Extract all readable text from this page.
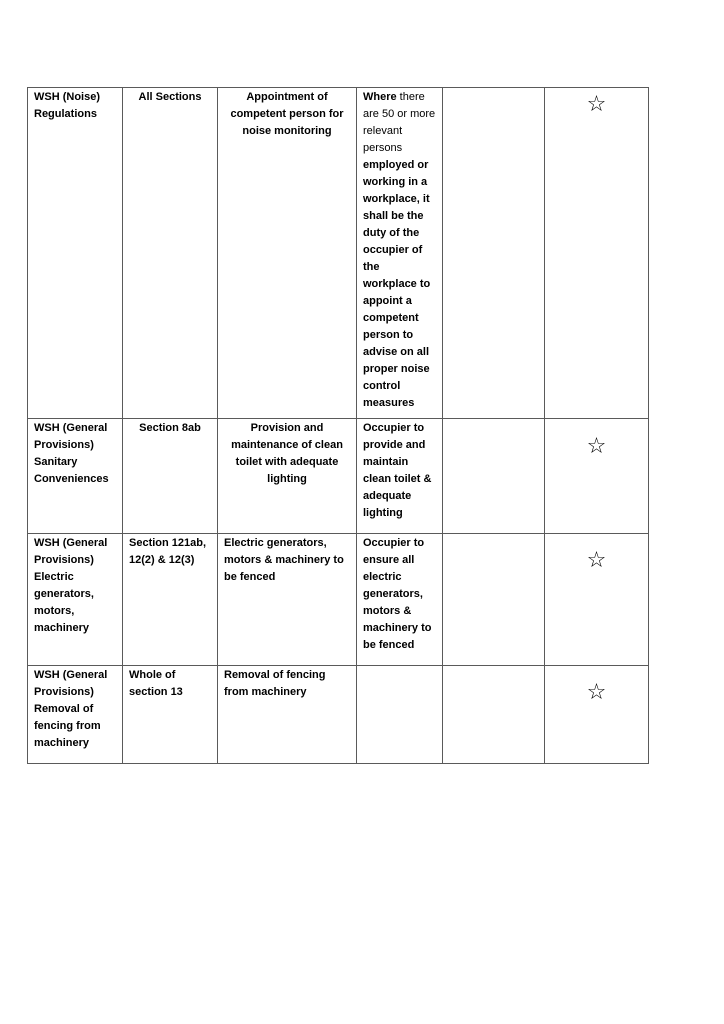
WSH (Noise) Regulations	All Sections	Appointment of competent person for noise monitoring	Where there are 50 or more relevant persons employed or working in a workplace, it shall be the duty of the occupier of the workplace to appoint a competent person to advise on all proper noise control measures		☆
WSH (General Provisions) Sanitary Conveniences	Section 8ab	Provision and maintenance of clean toilet with adequate lighting	Occupier to provide and maintain clean toilet & adequate lighting		☆
WSH (General Provisions) Electric generators, motors, machinery	Section 121ab, 12(2) & 12(3)	Electric generators, motors & machinery to be fenced	Occupier to ensure all electric generators, motors & machinery to be fenced		☆
WSH (General Provisions) Removal of fencing from machinery	Whole of section 13	Removal of fencing from machinery			☆
